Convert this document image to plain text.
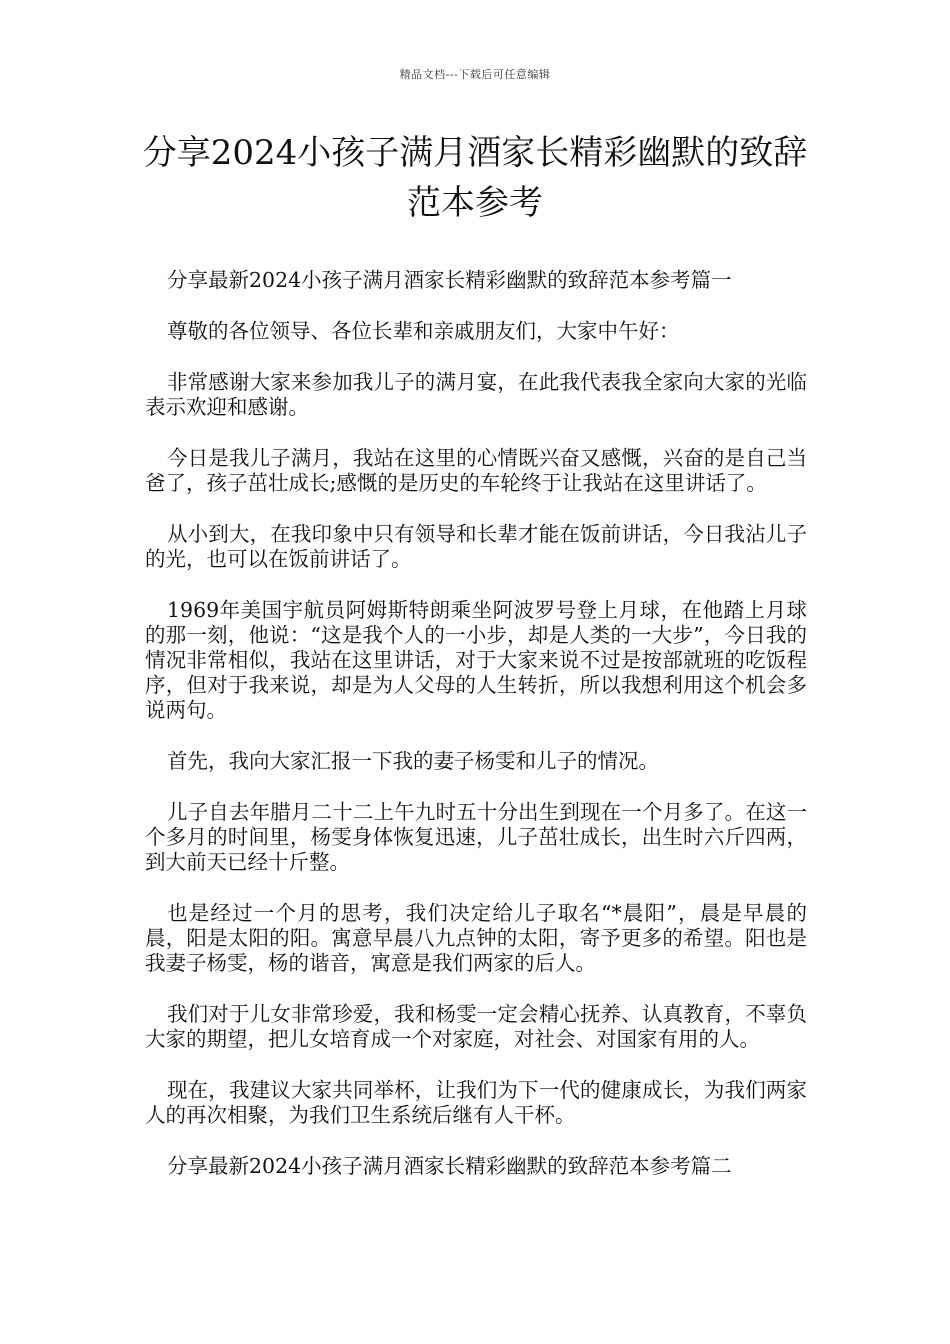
精品文档---下载后可任意编辑
分享2024小孩子满月酒家长精彩幽默的致辞范本参考

分享最新2024小孩子满月酒家长精彩幽默的致辞范本参考篇一

尊敬的各位领导、各位长辈和亲戚朋友们，大家中午好：

非常感谢大家来参加我儿子的满月宴，在此我代表我全家向大家的光临表示欢迎和感谢。

今日是我儿子满月，我站在这里的心情既兴奋又感慨，兴奋的是自己当爸了，孩子茁壮成长;感慨的是历史的车轮终于让我站在这里讲话了。

从小到大，在我印象中只有领导和长辈才能在饭前讲话，今日我沾儿子的光，也可以在饭前讲话了。

1969年美国宇航员阿姆斯特朗乘坐阿波罗号登上月球，在他踏上月球的那一刻，他说：“这是我个人的一小步，却是人类的一大步”，今日我的情况非常相似，我站在这里讲话，对于大家来说不过是按部就班的吃饭程序，但对于我来说，却是为人父母的人生转折，所以我想利用这个机会多说两句。

首先，我向大家汇报一下我的妻子杨雯和儿子的情况。

儿子自去年腊月二十二上午九时五十分出生到现在一个月多了。在这一个多月的时间里，杨雯身体恢复迅速，儿子茁壮成长，出生时六斤四两，到大前天已经十斤整。

也是经过一个月的思考，我们决定给儿子取名“*晨阳”，晨是早晨的晨，阳是太阳的阳。寓意早晨八九点钟的太阳，寄予更多的希望。阳也是我妻子杨雯，杨的谐音，寓意是我们两家的后人。

我们对于儿女非常珍爱，我和杨雯一定会精心抚养、认真教育，不辜负大家的期望，把儿女培育成一个对家庭，对社会、对国家有用的人。

现在，我建议大家共同举杯，让我们为下一代的健康成长，为我们两家人的再次相聚，为我们卫生系统后继有人干杯。

分享最新2024小孩子满月酒家长精彩幽默的致辞范本参考篇二
